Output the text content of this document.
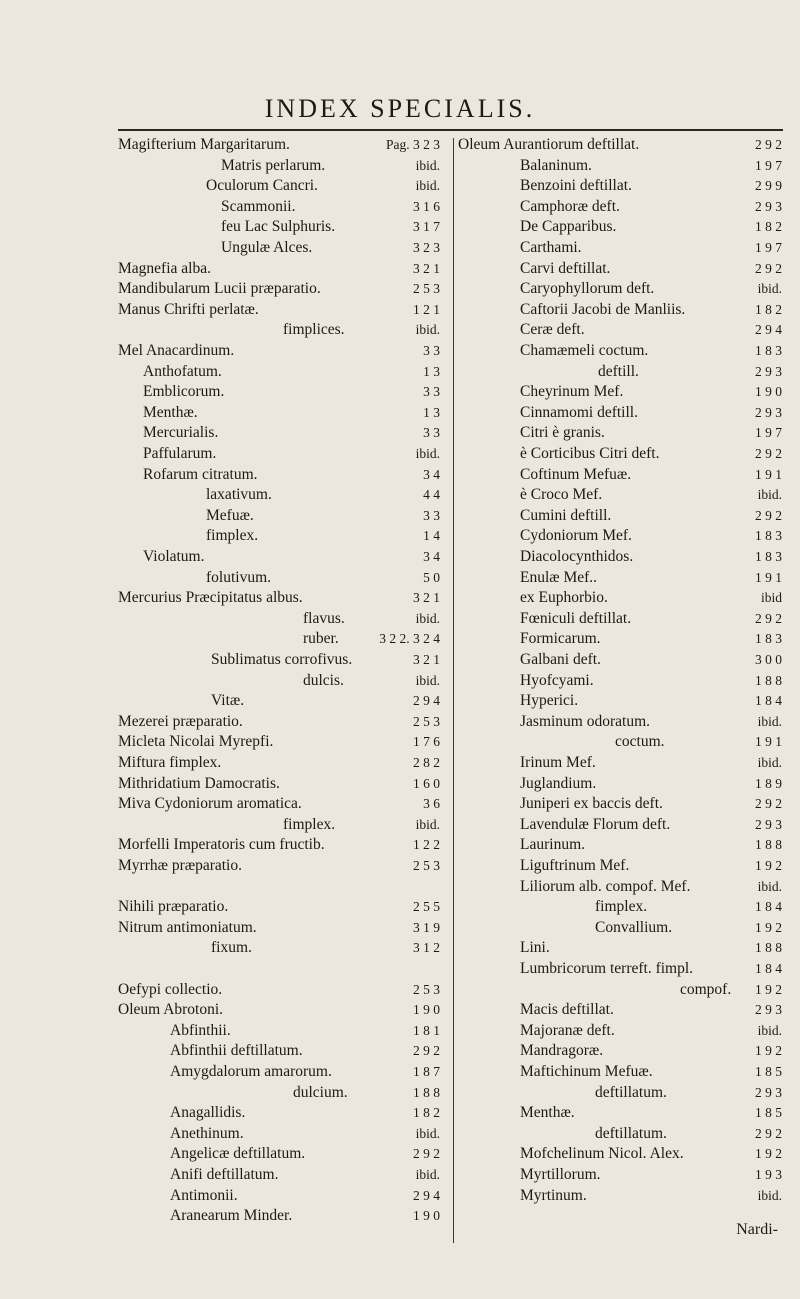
INDEX SPECIALIS.
Magifterium Margaritarum.	Pag. 3 2 3
Matris perlarum.	ibid.
Oculorum Cancri.	ibid.
Scammonii.	3 1 6
feu Lac Sulphuris.	3 1 7
Ungulæ Alces.	3 2 3
Magnefia alba.	3 2 1
Mandibularum Lucii præparatio.	2 5 3
Manus Chrifti perlatæ.	1 2 1
fimplices.	ibid.
Mel Anacardinum.	3 3
Anthofatum.	1 3
Emblicorum.	3 3
Menthæ.	1 3
Mercurialis.	3 3
Paffularum.	ibid.
Rofarum citratum.	3 4
laxativum.	4 4
Mefuæ.	3 3
fimplex.	1 4
Violatum.	3 4
folutivum.	5 0
Mercurius Præcipitatus albus.	3 2 1
flavus.	ibid.
ruber.	3 2 2. 3 2 4
Sublimatus corrofivus.	3 2 1
dulcis.	ibid.
Vitæ.	2 9 4
Mezerei præparatio.	2 5 3
Micleta Nicolai Myrepfi.	1 7 6
Miftura fimplex.	2 8 2
Mithridatium Damocratis.	1 6 0
Miva Cydoniorum aromatica.	3 6
fimplex.	ibid.
Morfelli Imperatoris cum fructib.	1 2 2
Myrrhæ præparatio.	2 5 3
Nihili præparatio.	2 5 5
Nitrum antimoniatum.	3 1 9
fixum.	3 1 2
Oefypi collectio.	2 5 3
Oleum Abrotoni.	1 9 0
Abfinthii.	1 8 1
Abfinthii deftillatum.	2 9 2
Amygdalorum amarorum.	1 8 7
dulcium.	1 8 8
Anagallidis.	1 8 2
Anethinum.	ibid.
Angelicæ deftillatum.	2 9 2
Anifi deftillatum.	ibid.
Antimonii.	2 9 4
Aranearum Minder.	1 9 0
Oleum Aurantiorum deftillat.	2 9 2
Balaninum.	1 9 7
Benzoini deftillat.	2 9 9
Camphoræ deft.	2 9 3
De Capparibus.	1 8 2
Carthami.	1 9 7
Carvi deftillat.	2 9 2
Caryophyllorum deft.	ibid.
Caftorii Jacobi de Manliis.	1 8 2
Ceræ deft.	2 9 4
Chamæmeli coctum.	1 8 3
deftill.	2 9 3
Cheyrinum Mef.	1 9 0
Cinnamomi deftill.	2 9 3
Citri è granis.	1 9 7
è Corticibus Citri deft.	2 9 2
Coftinum Mefuæ.	1 9 1
è Croco Mef.	ibid.
Cumini deftill.	2 9 2
Cydoniorum Mef.	1 8 3
Diacolocynthidos.	1 8 3
Enulæ Mef..	1 9 1
ex Euphorbio.	ibid
Fœniculi deftillat.	2 9 2
Formicarum.	1 8 3
Galbani deft.	3 0 0
Hyofcyami.	1 8 8
Hyperici.	1 8 4
Jasminum odoratum.	ibid.
coctum.	1 9 1
Irinum Mef.	ibid.
Juglandium.	1 8 9
Juniperi ex baccis deft.	2 9 2
Lavendulæ Florum deft.	2 9 3
Laurinum.	1 8 8
Liguftrinum Mef.	1 9 2
Liliorum alb. compof. Mef.	ibid.
fimplex.	1 8 4
Convallium.	1 9 2
Lini.	1 8 8
Lumbricorum terreft. fimpl.	1 8 4
compof. 1 9 2
Macis deftillat.	2 9 3
Majoranæ deft.	ibid.
Mandragoræ.	1 9 2
Maftichinum Mefuæ.	1 8 5
deftillatum.	2 9 3
Menthæ.	1 8 5
deftillatum.	2 9 2
Mofchelinum Nicol. Alex.	1 9 2
Myrtillorum.	1 9 3
Myrtinum.	ibid.
Nardi-
